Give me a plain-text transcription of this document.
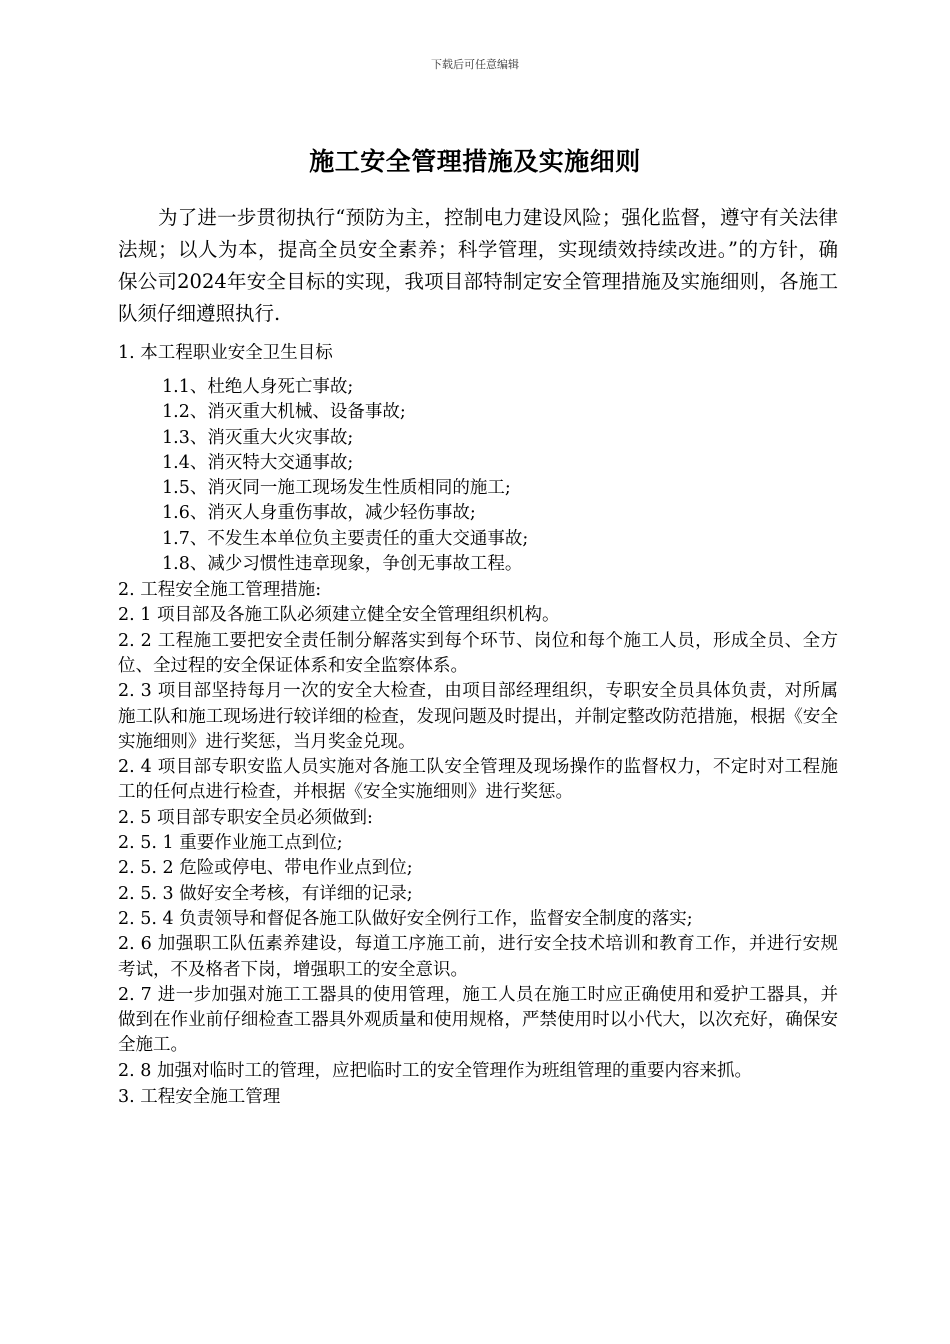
下载后可任意编辑
施工安全管理措施及实施细则
为了进一步贯彻执行“预防为主，控制电力建设风险；强化监督，遵守有关法律法规；以人为本，提高全员安全素养；科学管理，实现绩效持续改进。”的方针，确保公司2024年安全目标的实现，我项目部特制定安全管理措施及实施细则，各施工队须仔细遵照执行.
1. 本工程职业安全卫生目标
1.1、杜绝人身死亡事故;
1.2、消灭重大机械、设备事故;
1.3、消灭重大火灾事故;
1.4、消灭特大交通事故;
1.5、消灭同一施工现场发生性质相同的施工;
1.6、消灭人身重伤事故，减少轻伤事故;
1.7、不发生本单位负主要责任的重大交通事故;
1.8、减少习惯性违章现象，争创无事故工程。
2. 工程安全施工管理措施:
2. 1 项目部及各施工队必须建立健全安全管理组织机构。
2. 2 工程施工要把安全责任制分解落实到每个环节、岗位和每个施工人员，形成全员、全方位、全过程的安全保证体系和安全监察体系。
2. 3 项目部坚持每月一次的安全大检查，由项目部经理组织，专职安全员具体负责，对所属施工队和施工现场进行较详细的检查，发现问题及时提出，并制定整改防范措施，根据《安全实施细则》进行奖惩，当月奖金兑现。
2. 4 项目部专职安监人员实施对各施工队安全管理及现场操作的监督权力，不定时对工程施工的任何点进行检查，并根据《安全实施细则》进行奖惩。
2. 5 项目部专职安全员必须做到:
2. 5. 1 重要作业施工点到位;
2. 5. 2 危险或停电、带电作业点到位;
2. 5. 3 做好安全考核，有详细的记录;
2. 5. 4 负责领导和督促各施工队做好安全例行工作，监督安全制度的落实;
2. 6 加强职工队伍素养建设，每道工序施工前，进行安全技术培训和教育工作，并进行安规考试，不及格者下岗，增强职工的安全意识。
2. 7 进一步加强对施工工器具的使用管理，施工人员在施工时应正确使用和爱护工器具，并做到在作业前仔细检查工器具外观质量和使用规格，严禁使用时以小代大，以次充好，确保安全施工。
2. 8 加强对临时工的管理，应把临时工的安全管理作为班组管理的重要内容来抓。
3. 工程安全施工管理
